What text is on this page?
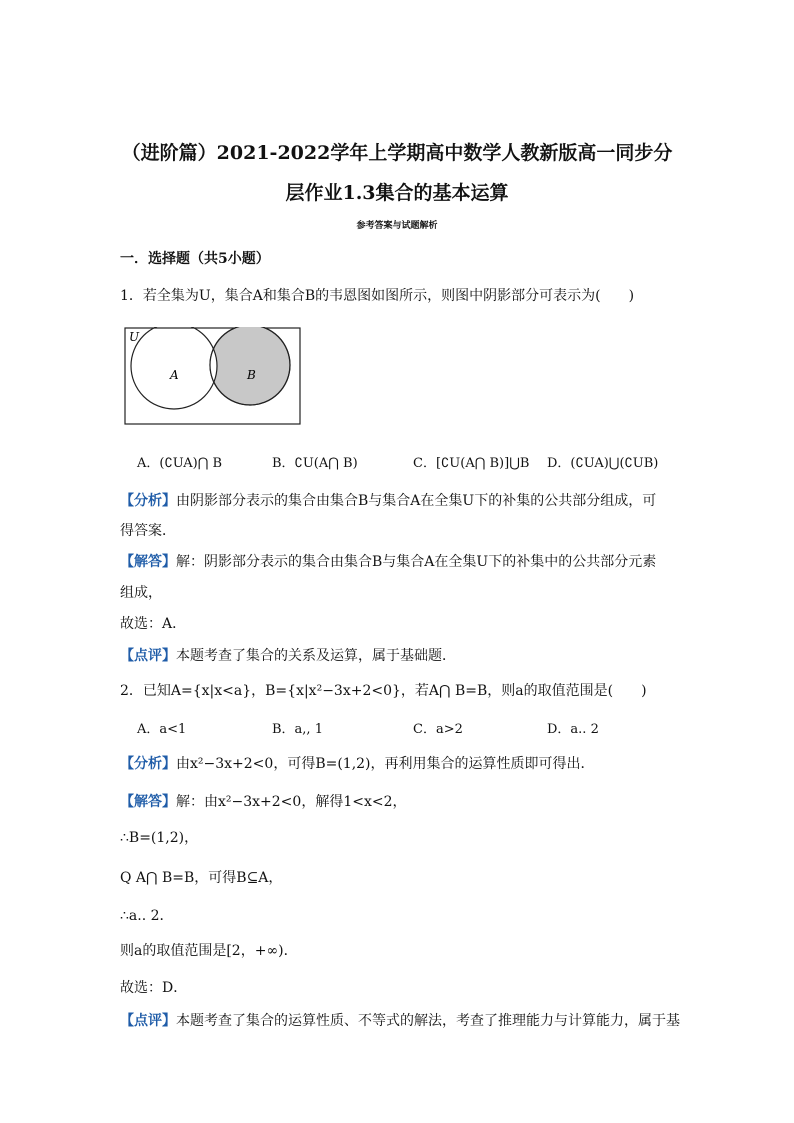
（进阶篇）2021-2022学年上学期高中数学人教新版高一同步分
层作业1.3集合的基本运算
参考答案与试题解析
一．选择题（共5小题）
1．若全集为U，集合A和集合B的韦恩图如图所示，则图中阴影部分可表示为(　　)
U
A	B
A．(∁UA)⋂ B	B．∁U(A⋂ B)	C．[∁U(A⋂ B)]⋃B D．(∁UA)⋃(∁UB)
【分析】由阴影部分表示的集合由集合B与集合A在全集U下的补集的公共部分组成，可
得答案．
【解答】解：阴影部分表示的集合由集合B与集合A在全集U下的补集中的公共部分元素
组成，
故选：A．
【点评】本题考查了集合的关系及运算，属于基础题．
2．已知A={x|x<a}，B={x|x²−3x+2<0}，若A⋂ B=B，则a的取值范围是(　　)
A．a<1	B．a,, 1	C．a>2	D．a.. 2
【分析】由x²−3x+2<0，可得B=(1,2)，再利用集合的运算性质即可得出．
【解答】解：由x²−3x+2<0，解得1<x<2，
∴B=(1,2)，
Q A⋂ B=B，可得B⊆A，
∴a.. 2．
则a的取值范围是[2，+∞)．
故选：D．
【点评】本题考查了集合的运算性质、不等式的解法，考查了推理能力与计算能力，属于基
